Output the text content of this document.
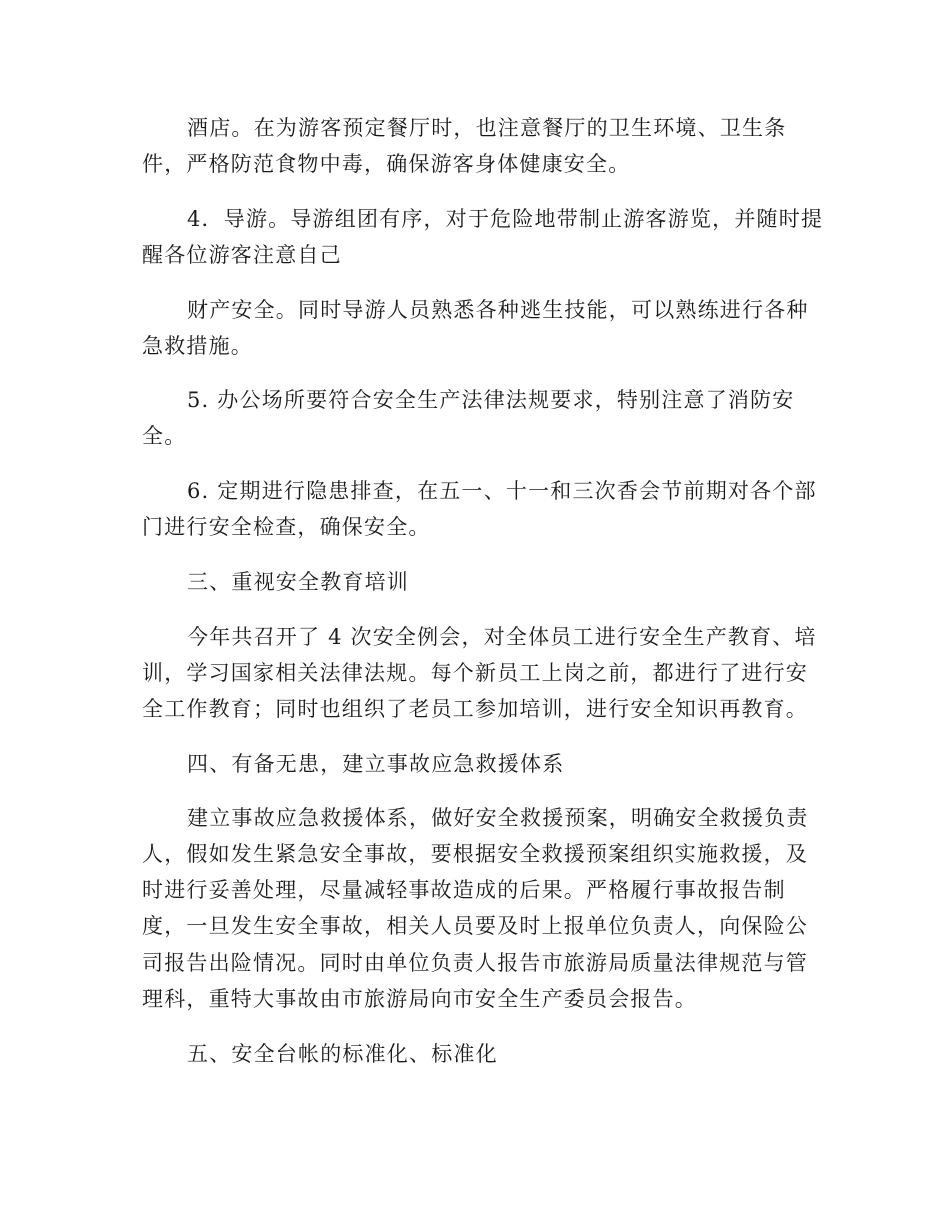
酒店。在为游客预定餐厅时，也注意餐厅的卫生环境、卫生条
件，严格防范食物中毒，确保游客身体健康安全。
4．导游。导游组团有序，对于危险地带制止游客游览，并随时提
醒各位游客注意自己
财产安全。同时导游人员熟悉各种逃生技能，可以熟练进行各种
急救措施。
5. 办公场所要符合安全生产法律法规要求，特别注意了消防安
全。
6. 定期进行隐患排查，在五一、十一和三次香会节前期对各个部
门进行安全检查，确保安全。
三、重视安全教育培训
今年共召开了 4 次安全例会，对全体员工进行安全生产教育、培
训，学习国家相关法律法规。每个新员工上岗之前，都进行了进行安
全工作教育；同时也组织了老员工参加培训，进行安全知识再教育。
四、有备无患，建立事故应急救援体系
建立事故应急救援体系，做好安全救援预案，明确安全救援负责
人，假如发生紧急安全事故，要根据安全救援预案组织实施救援，及
时进行妥善处理，尽量减轻事故造成的后果。严格履行事故报告制
度，一旦发生安全事故，相关人员要及时上报单位负责人，向保险公
司报告出险情况。同时由单位负责人报告市旅游局质量法律规范与管
理科，重特大事故由市旅游局向市安全生产委员会报告。
五、安全台帐的标准化、标准化
